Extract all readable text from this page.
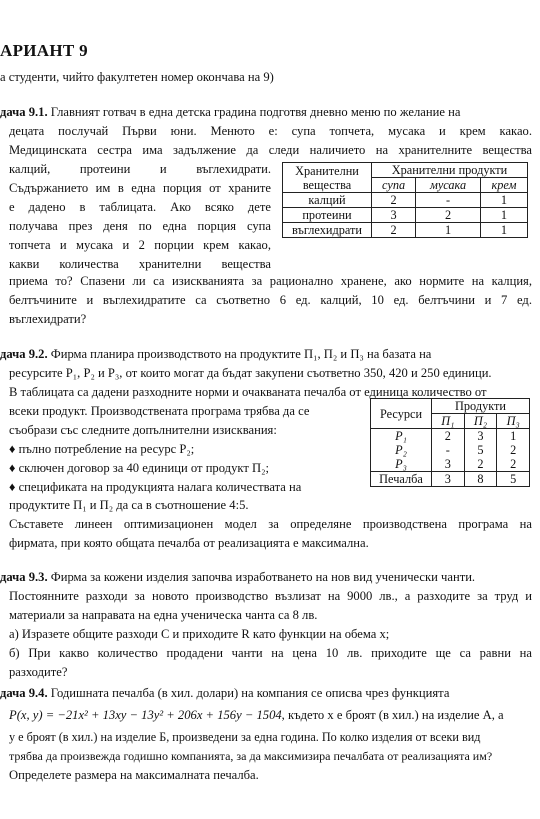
АРИАНТ 9
а студенти, чийто факултетен номер окончава на 9)
дача 9.1. Главният готвач в една детска градина подготвя дневно меню по желание на
децата послучай Първи юни. Менюто е: супа топчета, мусака и крем какао.
Медицинската сестра има задължение да следи наличието на хранителните вещества
калций, протеини и въглехидрати.
Съдържанието им в една порция от храните
е дадено в таблицата. Ако всяко дете
получава през деня по една порция супа
топчета и мусака и 2 порции крем какао,
какви количества хранителни вещества
приема то? Спазени ли са изискванията за рационално хранене, ако нормите на калция,
белтъчините и въглехидратите са съответно 6 ед. калций, 10 ед. белтъчини и 7 ед.
въглехидрати?
Хранителни
вещества	Хранителни продукти		
	супа	мусака	крем
калций	2	-	1
протеини	3	2	1
въглехидрати	2	1	1
дача 9.2. Фирма планира производството на продуктите П₁, П₂ и П₃ на базата на
ресурсите P₁, P₂ и P₃, от които могат да бъдат закупени съответно 350, 420 и 250 единици.
В таблицата са дадени разходните норми и очакваната печалба от единица количество от
всеки продукт. Производствената програма трябва да се
съобрази със следните допълнителни изисквания:
♦ пълно потребление на ресурс P₂;
♦ сключен договор за 40 единици от продукт П₂;
♦ спецификата на продукцията налага количествата на
продуктите П₁ и П₂ да са в съотношение 4:5.
Съставете линеен оптимизационен модел за определяне производствена програма на
фирмата, при която общата печалба от реализацията е максимална.
Ресурси	Продукти		
	П₁	П₂	П₃
P₁	2	3	1
P₂	-	5	2
P₃	3	2	2
Печалба	3	8	5
дача 9.3. Фирма за кожени изделия започва изработването на нов вид ученически чанти.
Постоянните разходи за новото производство възлизат на 9000 лв., а разходите за труд и
материали за направата на една ученическа чанта са 8 лв.
а) Изразете общите разходи C и приходите R като функции на обема x;
б) При какво количество продадени чанти на цена 10 лв. приходите ще са равни на
разходите?
дача 9.4. Годишната печалба (в хил. долари) на компания се описва чрез функцията
P(x, y) = −21x² + 13xy − 13y² + 206x + 156y − 1504, където x е броят (в хил.) на изделие A, а
y е броят (в хил.) на изделие Б, произведени за една година. По колко изделия от всеки вид
трябва да произвежда годишно компанията, за да максимизира печалбата от реализацията им?
Определете размера на максималната печалба.
